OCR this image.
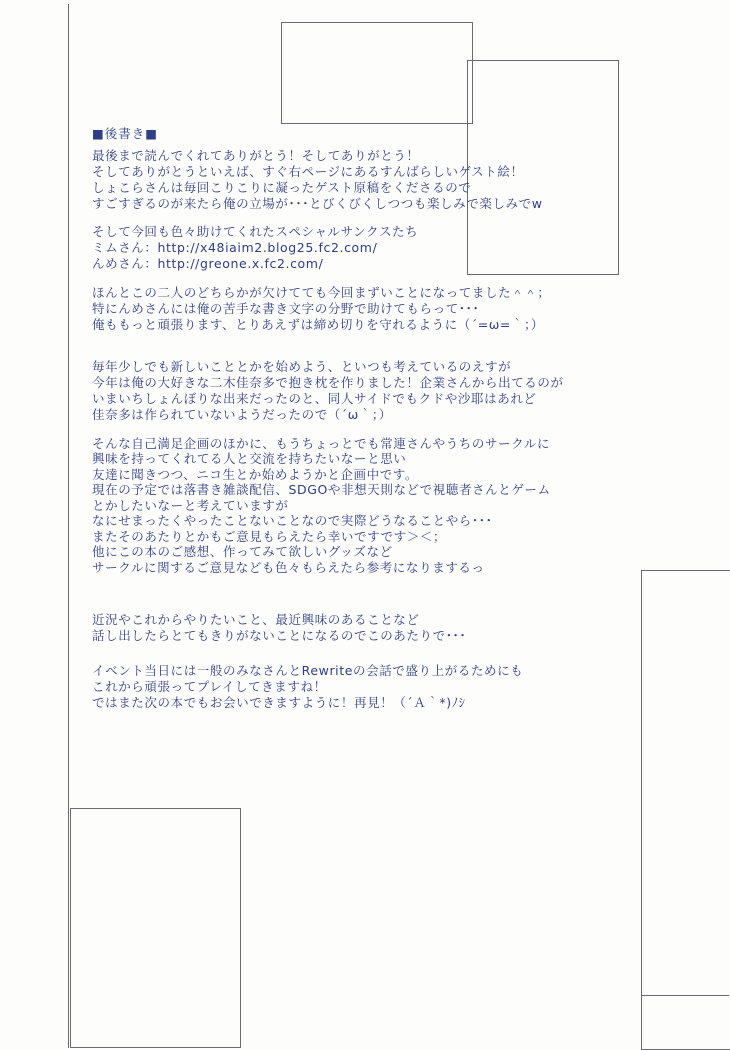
■後書き■
最後まで読んでくれてありがとう！そしてありがとう！
そしてありがとうといえば、すぐ右ページにあるすんばらしいゲスト絵！
しょこらさんは毎回こりこりに凝ったゲスト原稿をくださるので
すごすぎるのが来たら俺の立場が･･･とびくびくしつつも楽しみで楽しみでw
そして今回も色々助けてくれたスペシャルサンクスたち
ミムさん：http://x48iaim2.blog25.fc2.com/
んめさん：http://greone.x.fc2.com/
ほんとこの二人のどちらかが欠けてても今回まずいことになってました＾＾；
特にんめさんには俺の苦手な書き文字の分野で助けてもらって･･･
俺ももっと頑張ります、とりあえずは締め切りを守れるように（´=ω=｀；）
毎年少しでも新しいこととかを始めよう、といつも考えているのえすが
今年は俺の大好きな二木佳奈多で抱き枕を作りました！企業さんから出てるのが
いまいちしょんぼりな出来だったのと、同人サイドでもクドや沙耶はあれど
佳奈多は作られていないようだったので（´ω｀；）
そんな自己満足企画のほかに、もうちょっとでも常連さんやうちのサークルに
興味を持ってくれてる人と交流を持ちたいなーと思い
友達に聞きつつ、ニコ生とか始めようかと企画中です。
現在の予定では落書き雑談配信、SDGOや非想天則などで視聴者さんとゲーム
とかしたいなーと考えていますが
なにせまったくやったことないことなので実際どうなることやら･･･
またそのあたりとかもご意見もらえたら幸いですです＞＜；
他にこの本のご感想、作ってみて欲しいグッズなど
サークルに関するご意見なども色々もらえたら参考になりまするっ
近況やこれからやりたいこと、最近興味のあることなど
話し出したらとてもきりがないことになるのでこのあたりで･･･
イベント当日には一般のみなさんとRewriteの会話で盛り上がるためにも
これから頑張ってプレイしてきますね！
ではまた次の本でもお会いできますように！再見！（´Ａ｀*)ﾉｼ
